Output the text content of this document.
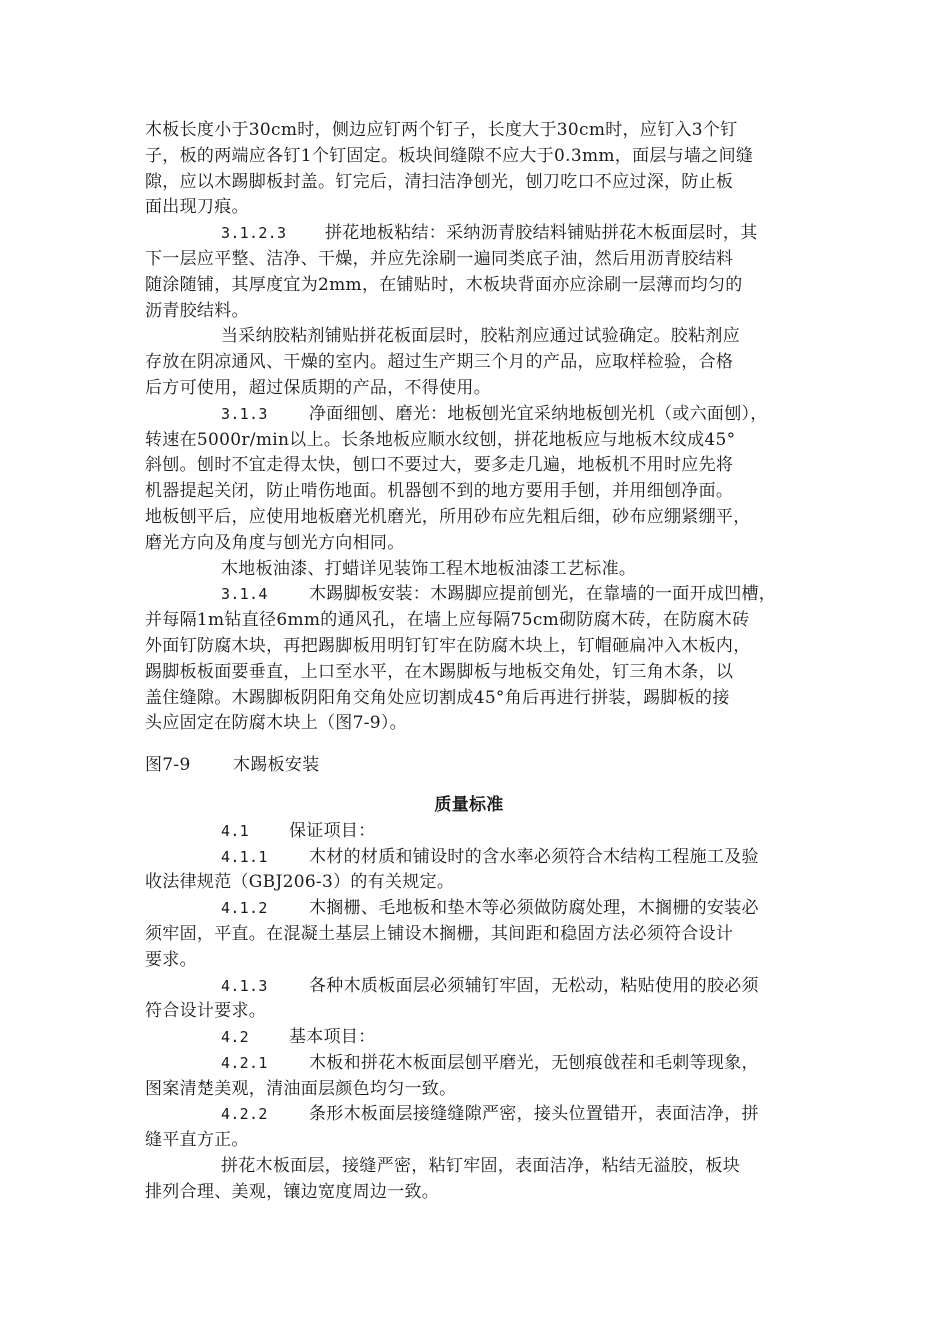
木板长度小于30cm时，侧边应钉两个钉子，长度大于30cm时，应钉入3个钉
子，板的两端应各钉1个钉固定。板块间缝隙不应大于0.3mm，面层与墙之间缝
隙，应以木踢脚板封盖。钉完后，清扫洁净刨光，刨刀吃口不应过深，防止板
面出现刀痕。
3.1.2.3 拼花地板粘结：采纳沥青胶结料铺贴拼花木板面层时，其
下一层应平整、洁净、干燥，并应先涂刷一遍同类底子油，然后用沥青胶结料
随涂随铺，其厚度宜为2mm，在铺贴时，木板块背面亦应涂刷一层薄而均匀的
沥青胶结料。
当采纳胶粘剂铺贴拼花板面层时，胶粘剂应通过试验确定。胶粘剂应
存放在阴凉通风、干燥的室内。超过生产期三个月的产品，应取样检验，合格
后方可使用，超过保质期的产品，不得使用。
3.1.3 净面细刨、磨光：地板刨光宜采纳地板刨光机（或六面刨），
转速在5000r/min以上。长条地板应顺水纹刨，拼花地板应与地板木纹成45°
斜刨。刨时不宜走得太快，刨口不要过大，要多走几遍，地板机不用时应先将
机器提起关闭，防止啃伤地面。机器刨不到的地方要用手刨，并用细刨净面。
地板刨平后，应使用地板磨光机磨光，所用砂布应先粗后细，砂布应绷紧绷平，
磨光方向及角度与刨光方向相同。
木地板油漆、打蜡详见装饰工程木地板油漆工艺标准。
3.1.4 木踢脚板安装：木踢脚应提前刨光，在靠墙的一面开成凹槽，
并每隔1m钻直径6mm的通风孔，在墙上应每隔75cm砌防腐木砖，在防腐木砖
外面钉防腐木块，再把踢脚板用明钉钉牢在防腐木块上，钉帽砸扁冲入木板内，
踢脚板板面要垂直，上口至水平，在木踢脚板与地板交角处，钉三角木条，以
盖住缝隙。木踢脚板阴阳角交角处应切割成45°角后再进行拼装，踢脚板的接
头应固定在防腐木块上（图7-9）。
图7-9 木踢板安装
质量标准
4.1 保证项目：
4.1.1 木材的材质和铺设时的含水率必须符合木结构工程施工及验
收法律规范（GBJ206-3）的有关规定。
4.1.2 木搁栅、毛地板和垫木等必须做防腐处理，木搁栅的安装必
须牢固，平直。在混凝土基层上铺设木搁栅，其间距和稳固方法必须符合设计
要求。
4.1.3 各种木质板面层必须辅钉牢固，无松动，粘贴使用的胶必须
符合设计要求。
4.2 基本项目：
4.2.1 木板和拼花木板面层刨平磨光，无刨痕戗茬和毛刺等现象，
图案清楚美观，清油面层颜色均匀一致。
4.2.2 条形木板面层接缝缝隙严密，接头位置错开，表面洁净，拼
缝平直方正。
拼花木板面层，接缝严密，粘钉牢固，表面洁净，粘结无溢胶，板块
排列合理、美观，镶边宽度周边一致。
